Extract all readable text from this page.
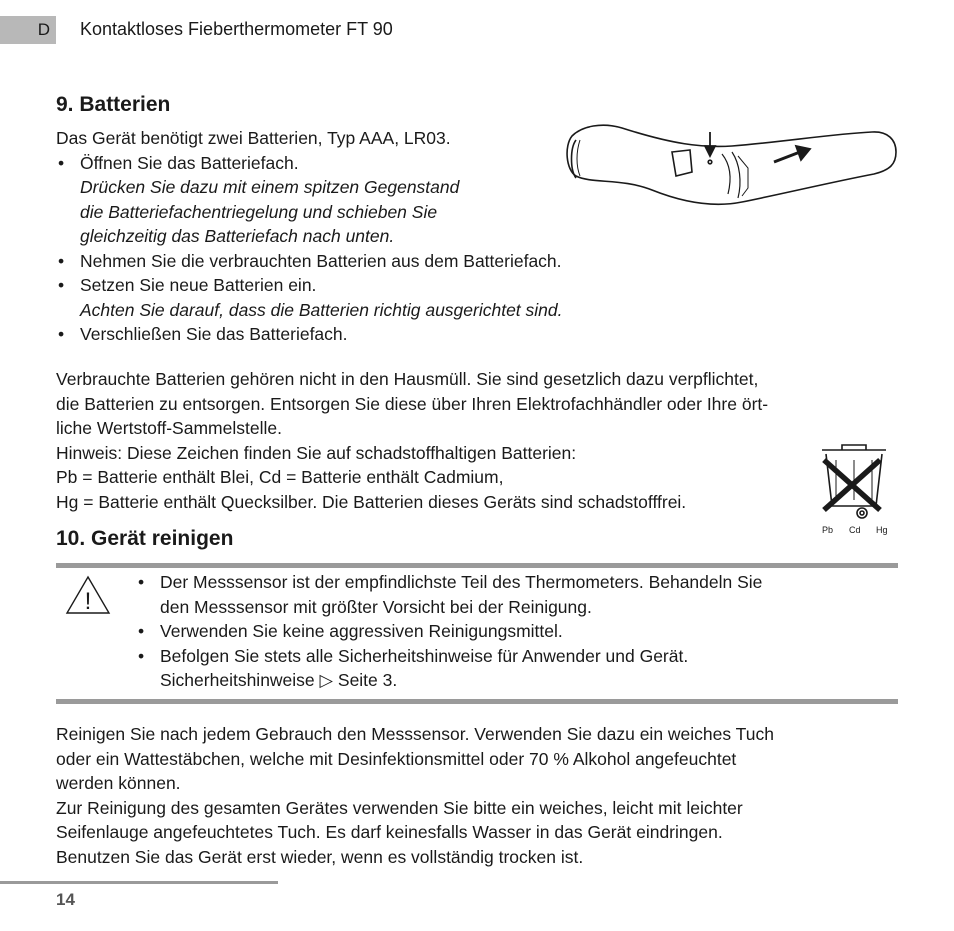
D Kontaktloses Fieberthermometer FT 90
9. Batterien

Das Gerät benötigt zwei Batterien, Typ AAA, LR03.

• Öffnen Sie das Batteriefach.

Drücken Sie dazu mit einem spitzen Gegenstand

die Batteriefachentriegelung und schieben Sie

gleichzeitig das Batteriefach nach unten.

• Nehmen Sie die verbrauchten Batterien aus dem Batteriefach.

• Setzen Sie neue Batterien ein.

Achten Sie darauf, dass die Batterien richtig ausgerichtet sind.

• Verschließen Sie das Batteriefach.

Verbrauchte Batterien gehören nicht in den Hausmüll. Sie sind gesetzlich dazu verpflichtet,

die Batterien zu entsorgen. Entsorgen Sie diese über Ihren Elektrofachhändler oder Ihre ört-

liche Wertstoff-Sammelstelle.

Hinweis: Diese Zeichen finden Sie auf schadstoffhaltigen Batterien:

Pb = Batterie enthält Blei, Cd = Batterie enthält Cadmium,

Hg = Batterie enthält Quecksilber. Die Batterien dieses Geräts sind schadstofffrei.

Pb Cd Hg
10. Gerät reinigen
!

• Der Messsensor ist der empfindlichste Teil des Thermometers. Behandeln Sie

den Messsensor mit größter Vorsicht bei der Reinigung.

• Verwenden Sie keine aggressiven Reinigungsmittel.

• Befolgen Sie stets alle Sicherheitshinweise für Anwender und Gerät.

Sicherheitshinweise ▷ Seite 3.

Reinigen Sie nach jedem Gebrauch den Messsensor. Verwenden Sie dazu ein weiches Tuch

oder ein Wattestäbchen, welche mit Desinfektionsmittel oder 70 % Alkohol angefeuchtet

werden können.

Zur Reinigung des gesamten Gerätes verwenden Sie bitte ein weiches, leicht mit leichter

Seifenlauge angefeuchtetes Tuch. Es darf keinesfalls Wasser in das Gerät eindringen.

Benutzen Sie das Gerät erst wieder, wenn es vollständig trocken ist.

14
